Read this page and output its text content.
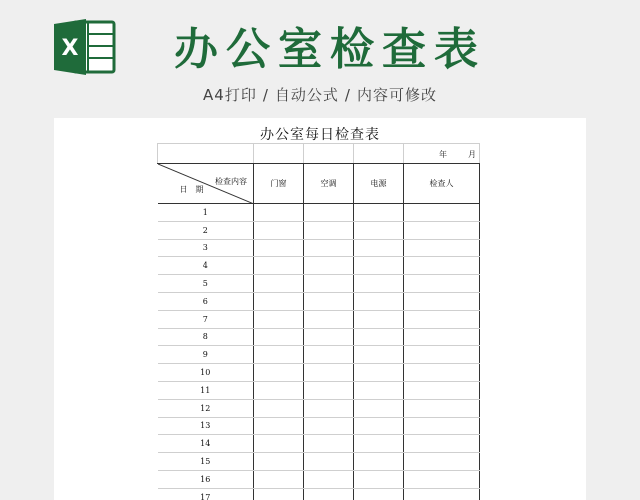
X	办公室检查表
A4打印 / 自动公式 / 内容可修改
办公室每日检查表

				年 月

检查内容
日期	门窗	空调	电源	检查人
1				
2				
3				
4				
5				
6				
7				
8				
9				
10				
11				
12				
13				
14				
15				
16				
17				
